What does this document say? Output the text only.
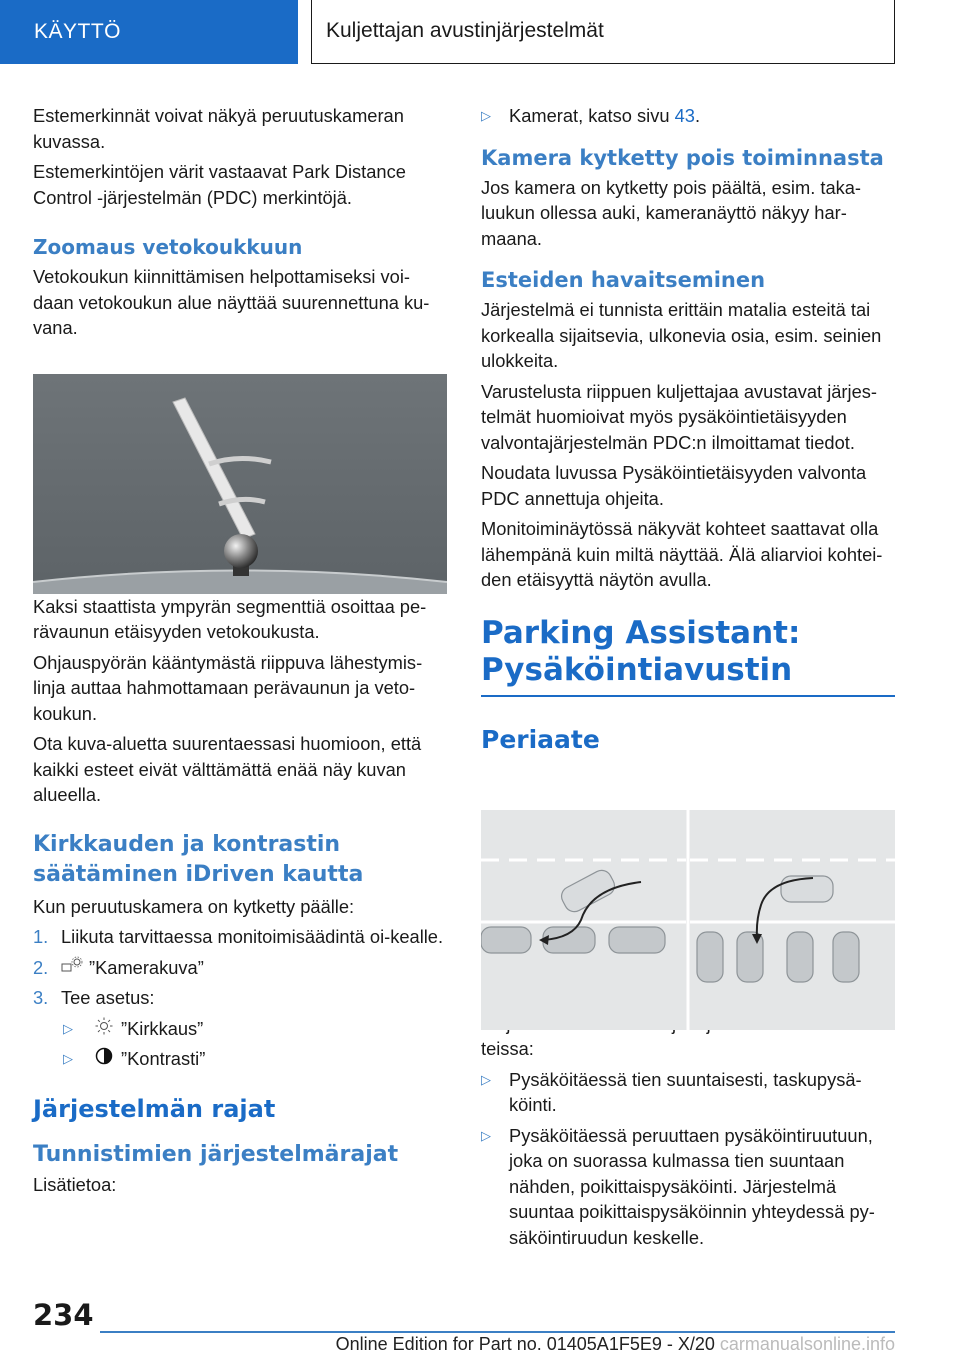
KÄYTTÖ	Kuljettajan avustinjärjestelmät

Estemerkinnät voivat näkyä peruutuskameran kuvassa.

Estemerkintöjen värit vastaavat Park Distance Control -järjestelmän (PDC) merkintöjä.

Zoomaus vetokoukkuun

Vetokoukun kiinnittämisen helpottamiseksi voi-daan vetokoukun alue näyttää suurennettuna ku-vana.

Kaksi staattista ympyrän segmenttiä osoittaa pe-rävaunun etäisyyden vetokoukusta.

Ohjauspyörän kääntymästä riippuva lähestymis-linja auttaa hahmottamaan perävaunun ja veto-koukun.

Ota kuva-aluetta suurentaessasi huomioon, että kaikki esteet eivät välttämättä enää näy kuvan alueella.

Kirkkauden ja kontrastin säätäminen iDriven kautta

Kun peruutuskamera on kytketty päälle:

1. Liikuta tarvittaessa monitoimisäädintä oi-kealle.
2. ”Kamerakuva”
3. Tee asetus:
▷	”Kirkkaus”
▷	”Kontrasti”
Järjestelmän rajat
Tunnistimien järjestelmärajat

Lisätietoa:

▷ Kamerat, katso sivu 43.
Kamera kytketty pois toiminnasta

Jos kamera on kytketty pois päältä, esim. taka-luukun ollessa auki, kameranäyttö näkyy har-maana.

Esteiden havaitseminen

Järjestelmä ei tunnista erittäin matalia esteitä tai korkealla sijaitsevia, ulkonevia osia, esim. seinien ulokkeita.

Varustelusta riippuen kuljettajaa avustavat järjes-telmät huomioivat myös pysäköintietäisyyden valvontajärjestelmän PDC:n ilmoittamat tiedot.

Noudata luvussa Pysäköintietäisyyden valvonta PDC annettuja ohjeita.

Monitoiminäytössä näkyvät kohteet saattavat olla lähempänä kuin miltä näyttää. Älä aliarvioi kohtei-den etäisyyttä näytön avulla.

Parking Assistant: Pysäköintiavustin
Periaate

teissa:

▷ Pysäköitäessä tien suuntaisesti, taskupysä-köinti.
▷ Pysäköitäessä peruuttaen pysäköintiruutuun, joka on suorassa kulmassa tien suuntaan nähden, poikittaispysäköinti. Järjestelmä suuntaa poikittaispysäköinnin yhteydessä py-säköintiruudun keskelle.
234
Online Edition for Part no. 01405A1F5E9 - X/20 carmanualsonline.info
